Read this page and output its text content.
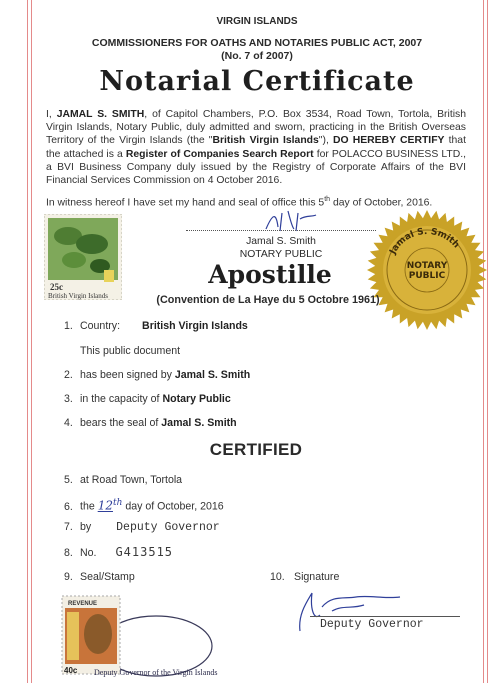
VIRGIN ISLANDS
COMMISSIONERS FOR OATHS AND NOTARIES PUBLIC ACT, 2007
(No. 7 of 2007)
Notarial Certificate
I, JAMAL S. SMITH, of Capitol Chambers, P.O. Box 3534, Road Town, Tortola, British Virgin Islands, Notary Public, duly admitted and sworn, practicing in the British Overseas Territory of the Virgin Islands (the "British Virgin Islands"), DO HEREBY CERTIFY that the attached is a Register of Companies Search Report for POLACCO BUSINESS LTD., a BVI Business Company duly issued by the Registry of Corporate Affairs of the BVI Financial Services Commission on 4 October 2016.
In witness hereof I have set my hand and seal of office this 5th day of October, 2016.
Jamal S. Smith
NOTARY PUBLIC
25c
British Virgin Islands
Jamal S. Smith
NOTARY
PUBLIC
Apostille
(Convention de La Haye du 5 Octobre 1961)
1. Country: British Virgin Islands
This public document
2. has been signed by Jamal S. Smith
3. in the capacity of Notary Public
4. bears the seal of Jamal S. Smith
CERTIFIED
5. at Road Town, Tortola
6. the 12th day of October, 2016
7. by Deputy Governor
8. No. G413515
9. Seal/Stamp	10. Signature
REVENUE
40c Deputy Governor of the Virgin Islands
Deputy Governor
